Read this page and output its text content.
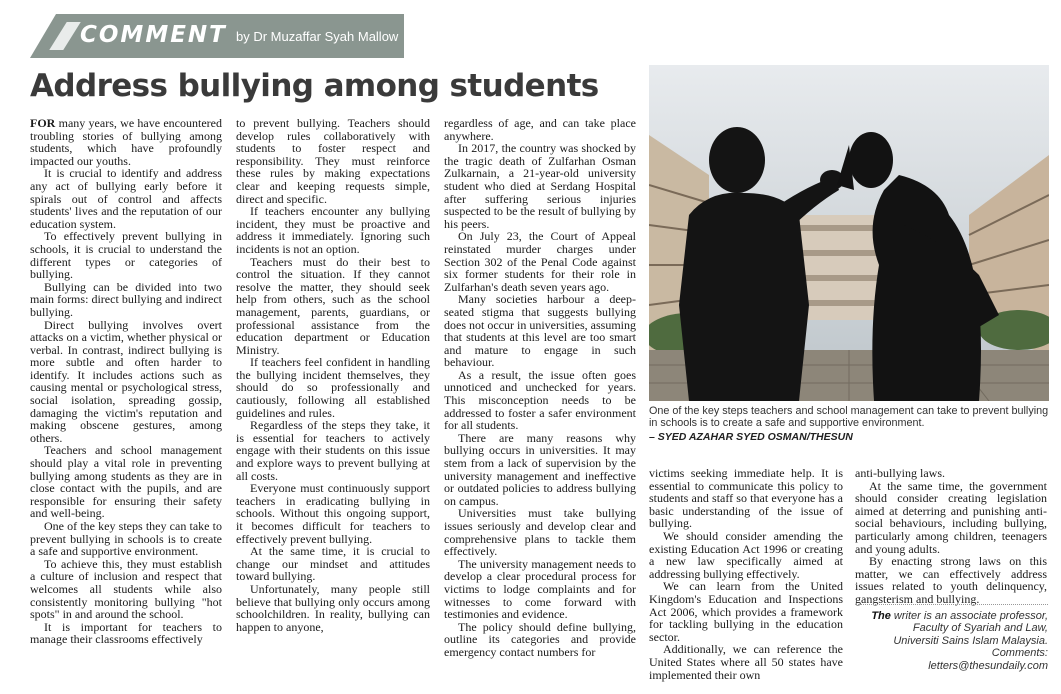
COMMENT by Dr Muzaffar Syah Mallow
Address bullying among students

FOR many years, we have encountered troubling stories of bullying among students, which have profoundly impacted our youths.

It is crucial to identify and address any act of bullying early before it spirals out of control and affects students' lives and the reputation of our education system.

To effectively prevent bullying in schools, it is crucial to understand the different types or categories of bullying.

Bullying can be divided into two main forms: direct bullying and indirect bullying.

Direct bullying involves overt attacks on a victim, whether physical or verbal. In contrast, indirect bullying is more subtle and often harder to identify. It includes actions such as causing mental or psychological stress, social isolation, spreading gossip, damaging the victim's reputation and making obscene gestures, among others.

Teachers and school management should play a vital role in preventing bullying among students as they are in close contact with the pupils, and are responsible for ensuring their safety and well-being.

One of the key steps they can take to prevent bullying in schools is to create a safe and supportive environment.

To achieve this, they must establish a culture of inclusion and respect that welcomes all students while also consistently monitoring bullying "hot spots" in and around the school.

It is important for teachers to manage their classrooms effectively

to prevent bullying. Teachers should develop rules collaboratively with students to foster respect and responsibility. They must reinforce these rules by making expectations clear and keeping requests simple, direct and specific.

If teachers encounter any bullying incident, they must be proactive and address it immediately. Ignoring such incidents is not an option.

Teachers must do their best to control the situation. If they cannot resolve the matter, they should seek help from others, such as the school management, parents, guardians, or professional assistance from the education department or Education Ministry.

If teachers feel confident in handling the bullying incident themselves, they should do so professionally and cautiously, following all established guidelines and rules.

Regardless of the steps they take, it is essential for teachers to actively engage with their students on this issue and explore ways to prevent bullying at all costs.

Everyone must continuously support teachers in eradicating bullying in schools. Without this ongoing support, it becomes difficult for teachers to effectively prevent bullying.

At the same time, it is crucial to change our mindset and attitudes toward bullying.

Unfortunately, many people still believe that bullying only occurs among schoolchildren. In reality, bullying can happen to anyone,

regardless of age, and can take place anywhere.

In 2017, the country was shocked by the tragic death of Zulfarhan Osman Zulkarnain, a 21-year-old university student who died at Serdang Hospital after suffering serious injuries suspected to be the result of bullying by his peers.

On July 23, the Court of Appeal reinstated murder charges under Section 302 of the Penal Code against six former students for their role in Zulfarhan's death seven years ago.

Many societies harbour a deep-seated stigma that suggests bullying does not occur in universities, assuming that students at this level are too smart and mature to engage in such behaviour.

As a result, the issue often goes unnoticed and unchecked for years. This misconception needs to be addressed to foster a safer environment for all students.

There are many reasons why bullying occurs in universities. It may stem from a lack of supervision by the university management and ineffective or outdated policies to address bullying on campus.

Universities must take bullying issues seriously and develop clear and comprehensive plans to tackle them effectively.

The university management needs to develop a clear procedural process for victims to lodge complaints and for witnesses to come forward with testimonies and evidence.

The policy should define bullying, outline its categories and provide emergency contact numbers for

One of the key steps teachers and school management can take to prevent bullying in schools is to create a safe and supportive environment.
– SYED AZAHAR SYED OSMAN/THESUN

victims seeking immediate help. It is essential to communicate this policy to students and staff so that everyone has a basic understanding of the issue of bullying.

We should consider amending the existing Education Act 1996 or creating a new law specifically aimed at addressing bullying effectively.

We can learn from the United Kingdom's Education and Inspections Act 2006, which provides a framework for tackling bullying in the education sector.

Additionally, we can reference the United States where all 50 states have implemented their own

anti-bullying laws.

At the same time, the government should consider creating legislation aimed at deterring and punishing anti-social behaviours, including bullying, particularly among children, teenagers and young adults.

By enacting strong laws on this matter, we can effectively address issues related to youth delinquency, gangsterism and bullying.

The writer is an associate professor,
Faculty of Syariah and Law,
Universiti Sains Islam Malaysia.
Comments:
letters@thesundaily.com
